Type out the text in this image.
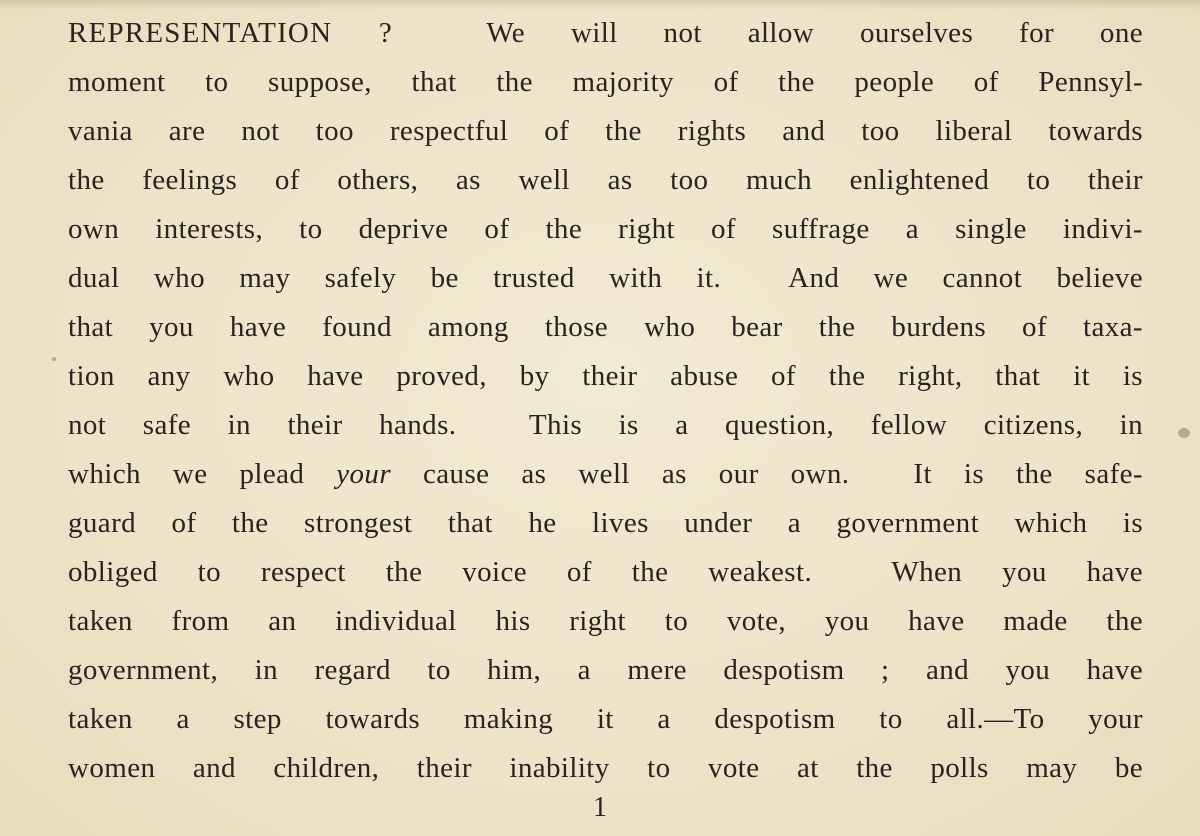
REPRESENTATION ?  We will not allow ourselves for one
moment to suppose, that the majority of the people of Pennsyl-
vania are not too respectful of the rights and too liberal towards
the feelings of others, as well as too much enlightened to their
own interests, to deprive of the right of suffrage a single indivi-
dual who may safely be trusted with it.  And we cannot believe
that you have found among those who bear the burdens of taxa-
tion any who have proved, by their abuse of the right, that it is
not safe in their hands.  This is a question, fellow citizens, in
which we plead your cause as well as our own.  It is the safe-
guard of the strongest that he lives under a government which is
obliged to respect the voice of the weakest.  When you have
taken from an individual his right to vote, you have made the
government, in regard to him, a mere despotism ; and you have
taken a step towards making it a despotism to all.—To your
women and children, their inability to vote at the polls may be
1
